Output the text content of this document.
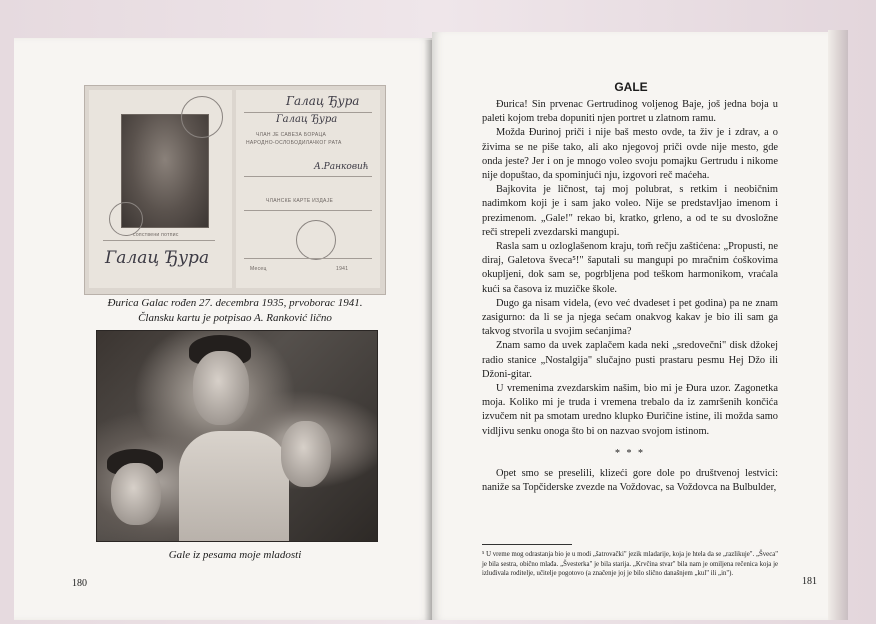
сопствени потпис
Галац Ђура
Галац Ђура
Галац Ђура
ЧЛАН ЈЕ САВЕЗА БОРАЦА
НАРОДНО-ОСЛОБОДИЛАЧКОГ РАТА
А.Ранковић
ЧЛАНСКЕ КАРТЕ ИЗДАЈЕ
Месец	1941
Đurica Galac rođen 27. decembra 1935, prvoborac 1941.
Člansku kartu je potpisao A. Ranković lično
Gale iz pesama moje mladosti
180
GALE

Đurica! Sin prvenac Gertrudinog voljenog Baje, još jedna boja u paleti kojom treba dopuniti njen portret u zlatnom ramu.

Možda Đurinoj priči i nije baš mesto ovde, ta živ je i zdrav, a o živima se ne piše tako, ali ako njegovoj priči ovde nije mesto, gde onda jeste? Jer i on je mnogo voleo svoju pomajku Gertrudu i nikome nije dopuštao, da spominjući nju, izgovori reč maćeha.

Bajkovita je ličnost, taj moj polubrat, s retkim i neobičnim nadimkom koji je i sam jako voleo. Nije se predstavljao imenom i prezimenom. „Gale!" rekao bi, kratko, grleno, a od te su dvosložne reči strepeli zvezdarski mangupi.

Rasla sam u ozloglašenom kraju, tom̃ rečju zaštićena: „Propusti, ne diraj, Galetova šveca⁵!" šaputali su mangupi po mračnim ćoškovima okupljeni, dok sam se, pogrbljena pod teškom harmonikom, vraćala kući sa časova iz muzičke škole.

Dugo ga nisam videla, (evo već dvadeset i pet godina) pa ne znam zasigurno: da li se ja njega sećam onakvog kakav je bio ili sam ga takvog stvorila u svojim sećanjima?

Znam samo da uvek zaplačem kada neki „sredovečni" disk džokej radio stanice „Nostalgija" slučajno pusti prastaru pesmu Hej Džo ili Džoni-gitar.

U vremenima zvezdarskim našim, bio mi je Đura uzor. Zagonetka moja. Koliko mi je truda i vremena trebalo da iz zamršenih končića izvučem nit pa smotam uredno klupko Đuričine istine, ili možda samo vidljivu senku onoga što bi on nazvao svojom istinom.

* * *

Opet smo se preselili, klizeći gore dole po društvenoj lestvici: naniže sa Topčiderske zvezde na Voždovac, sa Voždovca na Bulbulder,

⁵ U vreme mog odrastanja bio je u modi „šatrovački" jezik mladarije, koja je htela da se „razlikuje". „Šveca" je bila sestra, obično mlađa. „Švesterka" je bila starija. „Krvčina stvar" bila nam je omiljena rečenica koja je izluđivala roditelje, učitelje pogotovo (a značenje joj je bilo slično današnjem „kul" ili „in").
181
